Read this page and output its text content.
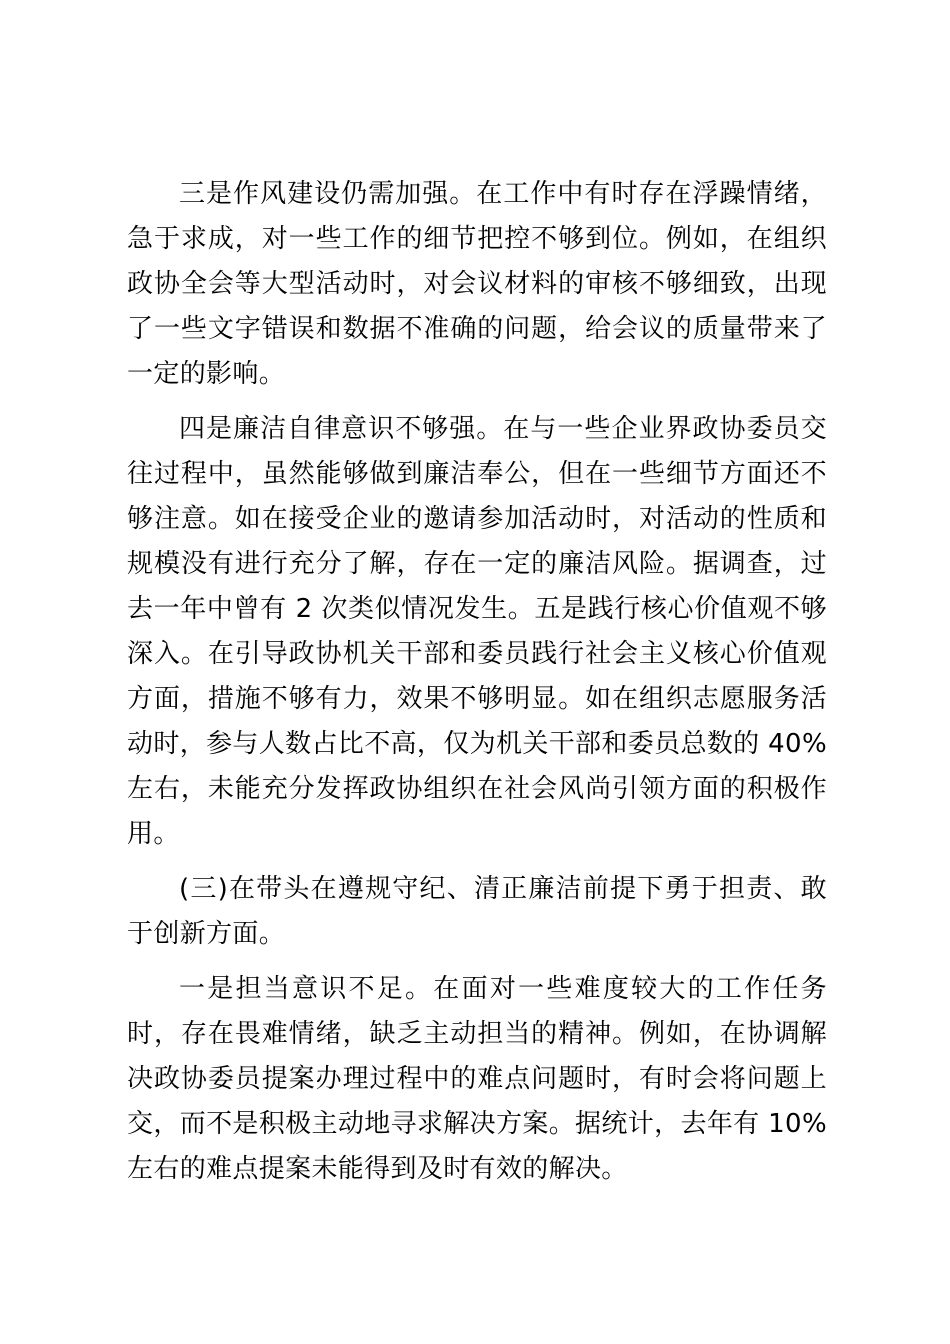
三是作风建设仍需加强。在工作中有时存在浮躁情绪，急于求成，对一些工作的细节把控不够到位。例如，在组织政协全会等大型活动时，对会议材料的审核不够细致，出现了一些文字错误和数据不准确的问题，给会议的质量带来了一定的影响。

四是廉洁自律意识不够强。在与一些企业界政协委员交往过程中，虽然能够做到廉洁奉公，但在一些细节方面还不够注意。如在接受企业的邀请参加活动时，对活动的性质和规模没有进行充分了解，存在一定的廉洁风险。据调查，过去一年中曾有 2 次类似情况发生。五是践行核心价值观不够深入。在引导政协机关干部和委员践行社会主义核心价值观方面，措施不够有力，效果不够明显。如在组织志愿服务活动时，参与人数占比不高，仅为机关干部和委员总数的 40%左右，未能充分发挥政协组织在社会风尚引领方面的积极作用。

(三)在带头在遵规守纪、清正廉洁前提下勇于担责、敢于创新方面。

一是担当意识不足。在面对一些难度较大的工作任务时，存在畏难情绪，缺乏主动担当的精神。例如，在协调解决政协委员提案办理过程中的难点问题时，有时会将问题上交，而不是积极主动地寻求解决方案。据统计，去年有 10%左右的难点提案未能得到及时有效的解决。
